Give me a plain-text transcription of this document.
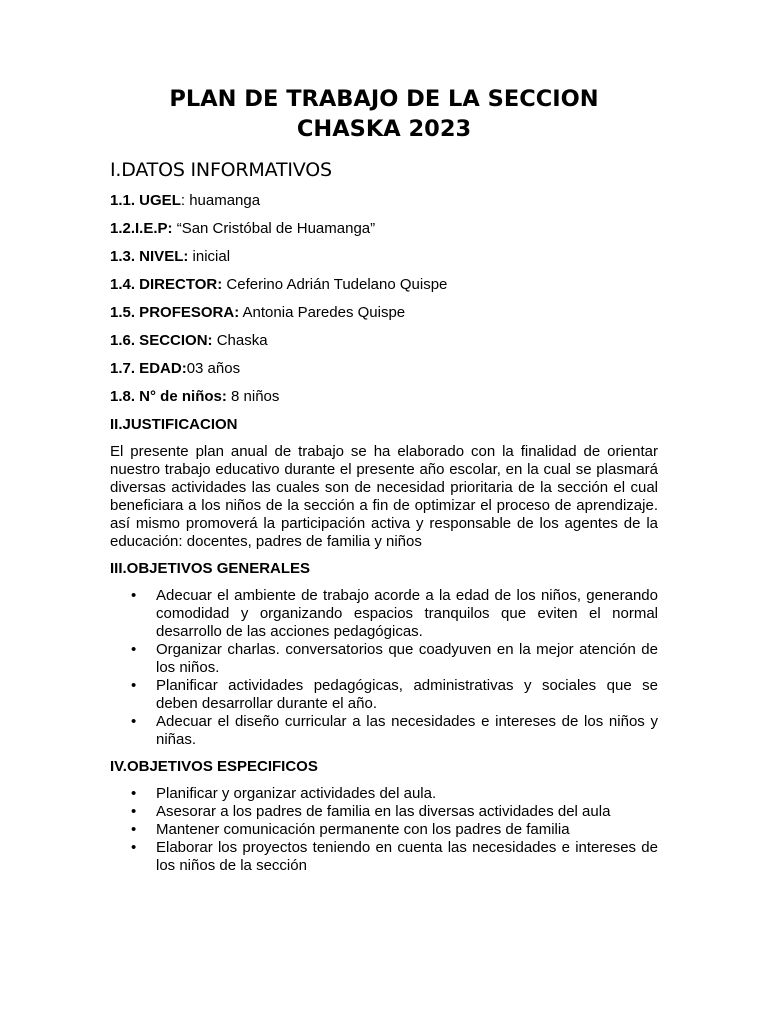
PLAN DE TRABAJO DE LA SECCION
CHASKA 2023
I.DATOS INFORMATIVOS

1.1. UGEL: huamanga

1.2.I.E.P: “San Cristóbal de Huamanga”

1.3. NIVEL: inicial

1.4. DIRECTOR: Ceferino Adrián Tudelano Quispe

1.5. PROFESORA: Antonia Paredes Quispe

1.6. SECCION: Chaska

1.7. EDAD:03 años

1.8. N° de niños: 8 niños

II.JUSTIFICACION

El presente plan anual de trabajo se ha elaborado con la finalidad de orientar nuestro trabajo educativo durante el presente año escolar, en la cual se plasmará diversas actividades las cuales son de necesidad prioritaria de la sección el cual beneficiara a los niños de la sección a fin de optimizar el proceso de aprendizaje. así mismo promoverá la participación activa y responsable de los agentes de la educación: docentes, padres de familia y niños

III.OBJETIVOS GENERALES
• Adecuar el ambiente de trabajo acorde a la edad de los niños, generando comodidad y organizando espacios tranquilos que eviten el normal desarrollo de las acciones pedagógicas.
• Organizar charlas. conversatorios que coadyuven en la mejor atención de los niños.
• Planificar actividades pedagógicas, administrativas y sociales que se deben desarrollar durante el año.
• Adecuar el diseño curricular a las necesidades e intereses de los niños y niñas.
IV.OBJETIVOS ESPECIFICOS
• Planificar y organizar actividades del aula.
• Asesorar a los padres de familia en las diversas actividades del aula
• Mantener comunicación permanente con los padres de familia
• Elaborar los proyectos teniendo en cuenta las necesidades e intereses de los niños de la sección
